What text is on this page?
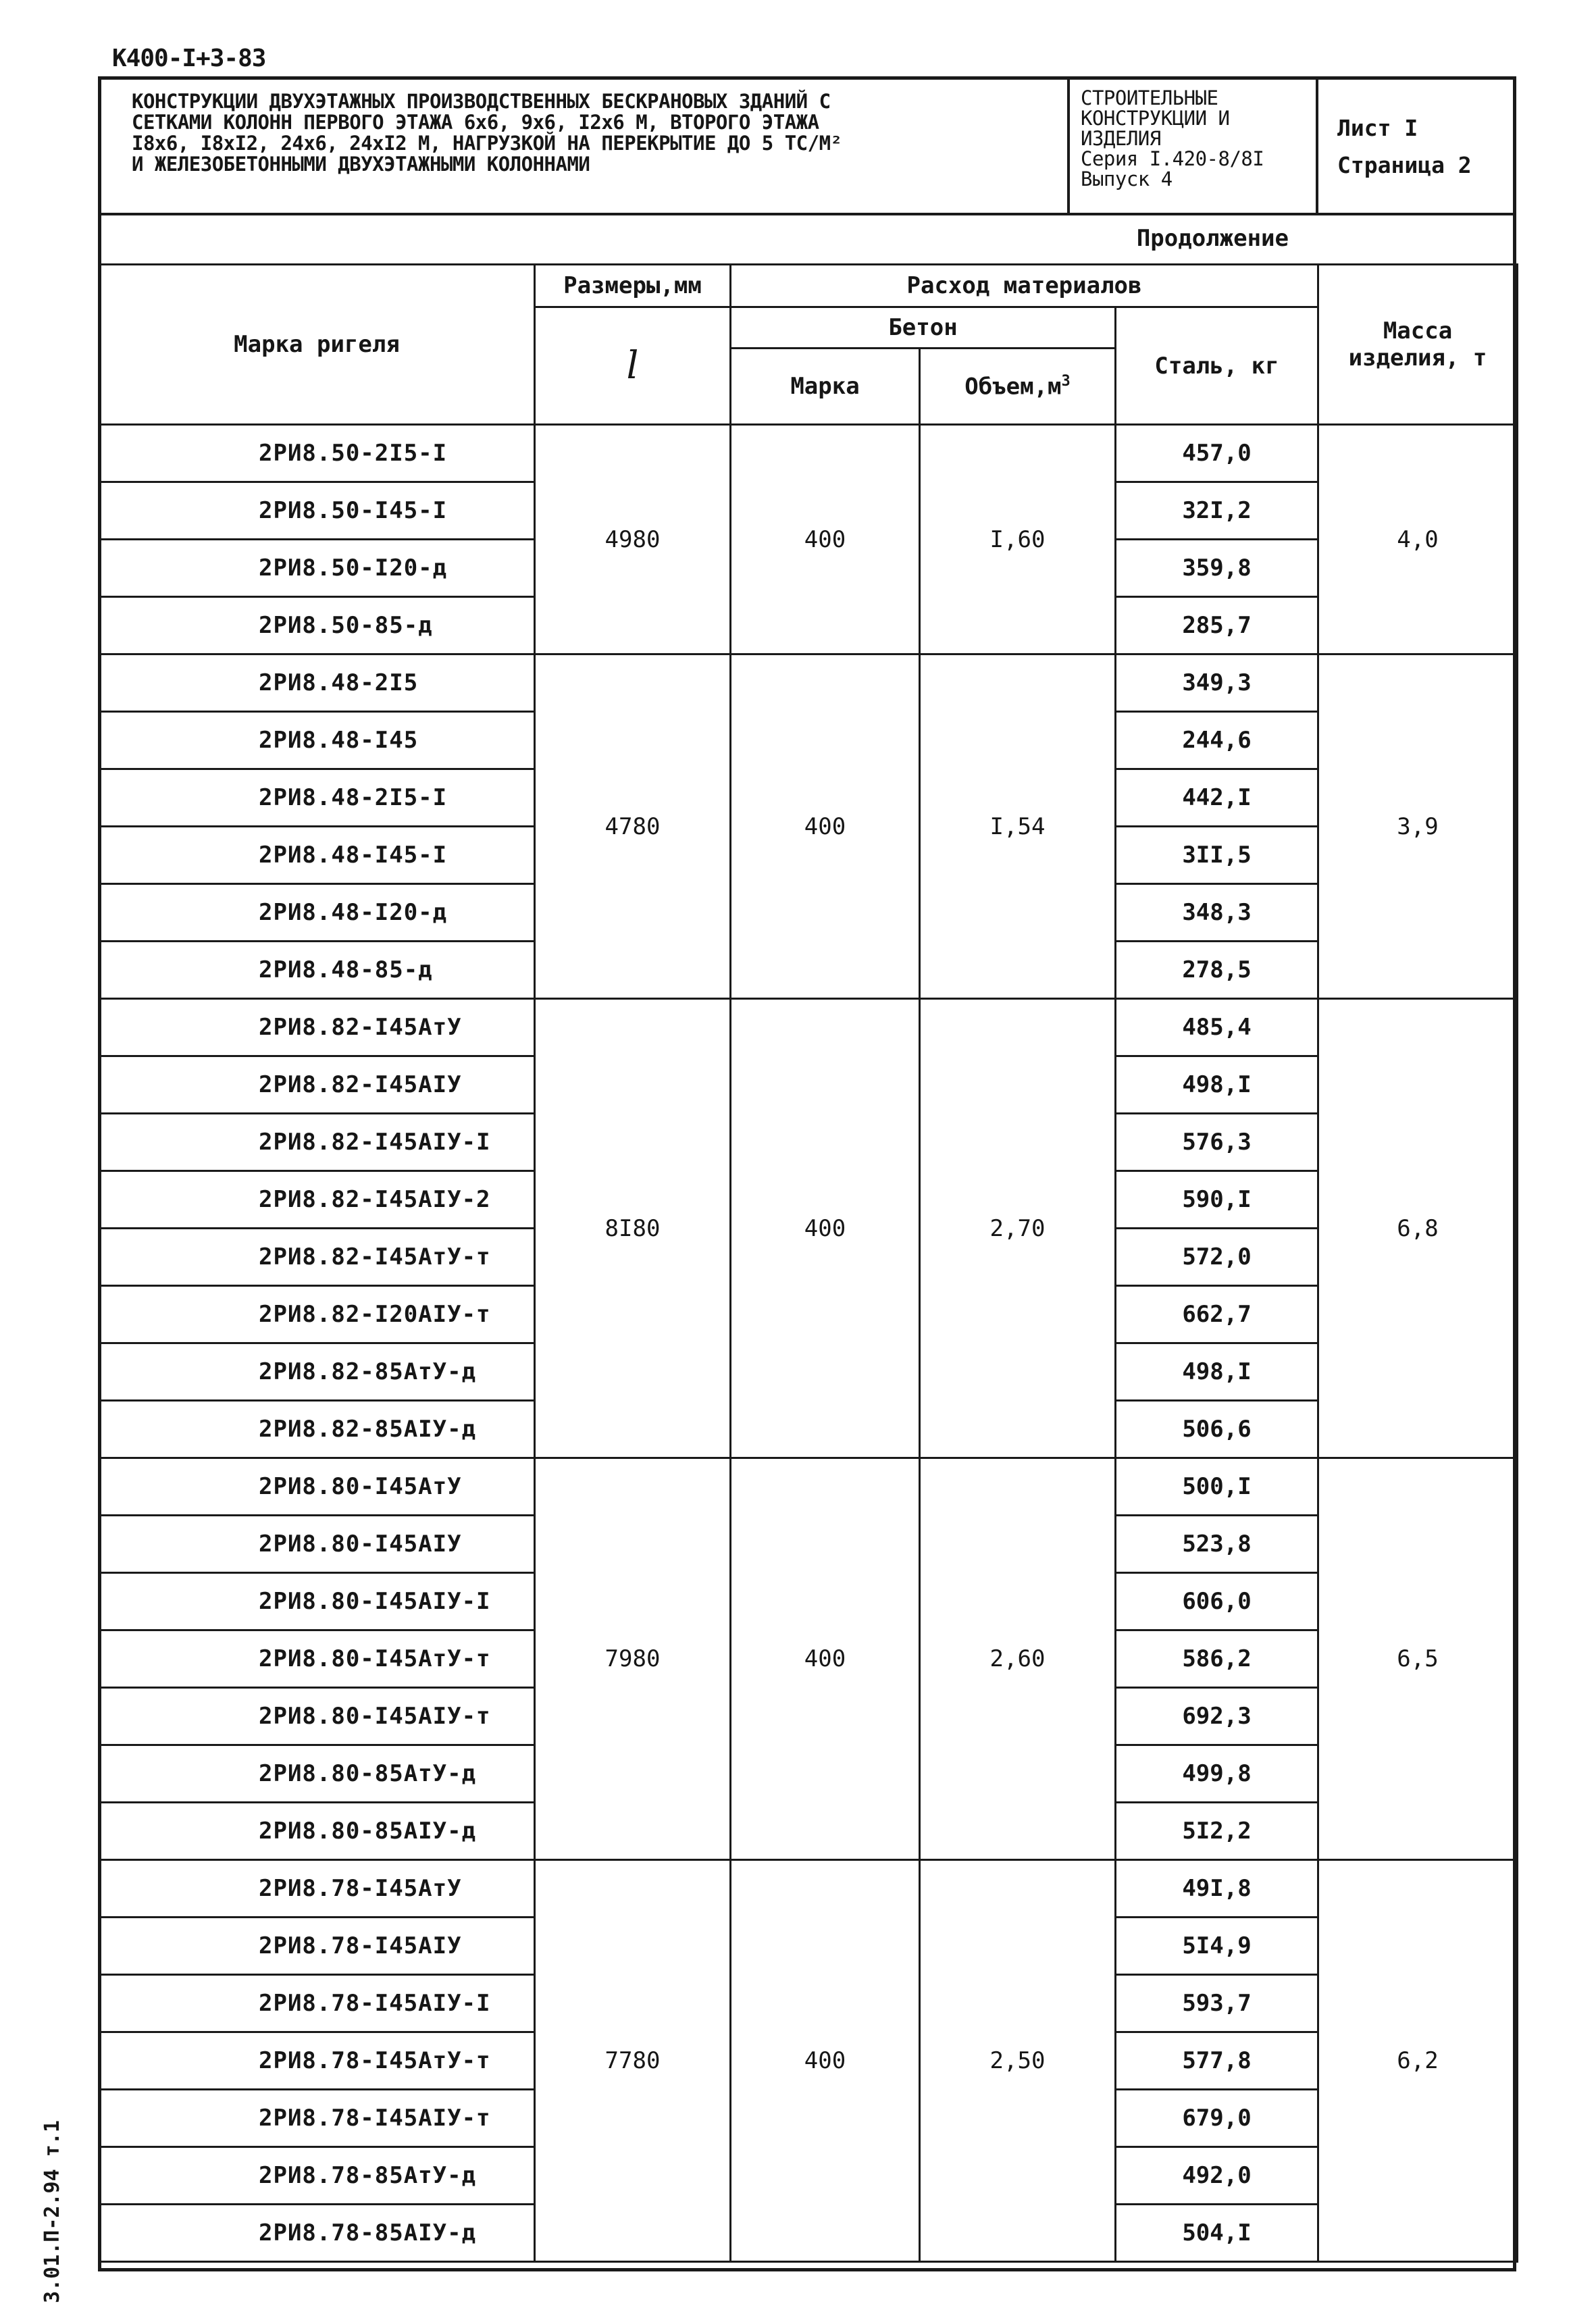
К400-I+3-83
3.01.П-2.94 т.1
КОНСТРУКЦИИ ДВУХЭТАЖНЫХ ПРОИЗВОДСТВЕННЫХ БЕСКРАНОВЫХ ЗДАНИЙ С
СЕТКАМИ КОЛОНН ПЕРВОГО ЭТАЖА 6х6, 9х6, I2х6 М, ВТОРОГО ЭТАЖА
I8х6, I8хI2, 24х6, 24хI2 М, НАГРУЗКОЙ НА ПЕРЕКРЫТИЕ ДО 5 ТС/М²
И ЖЕЛЕЗОБЕТОННЫМИ ДВУХЭТАЖНЫМИ КОЛОННАМИ
СТРОИТЕЛЬНЫЕ
КОНСТРУКЦИИ И
ИЗДЕЛИЯ
Серия I.420-8/8I
Выпуск 4
Лист I
Страница 2
Продолжение
Марка ригеля	Размеры,мм	Расход материалов			Масса изделия, т
	l	Бетон		Сталь, кг	
		Марка	$Объем,м^3$
2РИ8.50-2I5-I	4980	400	I,60	457,0	4,0
2РИ8.50-I45-I				32I,2	
2РИ8.50-I20-д				359,8	
2РИ8.50-85-д				285,7	
2РИ8.48-2I5	4780	400	I,54	349,3	3,9
2РИ8.48-I45				244,6	
2РИ8.48-2I5-I				442,I	
2РИ8.48-I45-I				3II,5	
2РИ8.48-I20-д				348,3	
2РИ8.48-85-д				278,5	
2РИ8.82-I45АтУ	8I80	400	2,70	485,4	6,8
2РИ8.82-I45АIУ				498,I	
2РИ8.82-I45АIУ-I				576,3	
2РИ8.82-I45АIУ-2				590,I	
2РИ8.82-I45АтУ-т				572,0	
2РИ8.82-I20АIУ-т				662,7	
2РИ8.82-85АтУ-д				498,I	
2РИ8.82-85АIУ-д				506,6	
2РИ8.80-I45АтУ	7980	400	2,60	500,I	6,5
2РИ8.80-I45АIУ				523,8	
2РИ8.80-I45АIУ-I				606,0	
2РИ8.80-I45АтУ-т				586,2	
2РИ8.80-I45АIУ-т				692,3	
2РИ8.80-85АтУ-д				499,8	
2РИ8.80-85АIУ-д				5I2,2	
2РИ8.78-I45АтУ	7780	400	2,50	49I,8	6,2
2РИ8.78-I45АIУ				5I4,9	
2РИ8.78-I45АIУ-I				593,7	
2РИ8.78-I45АтУ-т				577,8	
2РИ8.78-I45АIУ-т				679,0	
2РИ8.78-85АтУ-д				492,0	
2РИ8.78-85АIУ-д				504,I	
